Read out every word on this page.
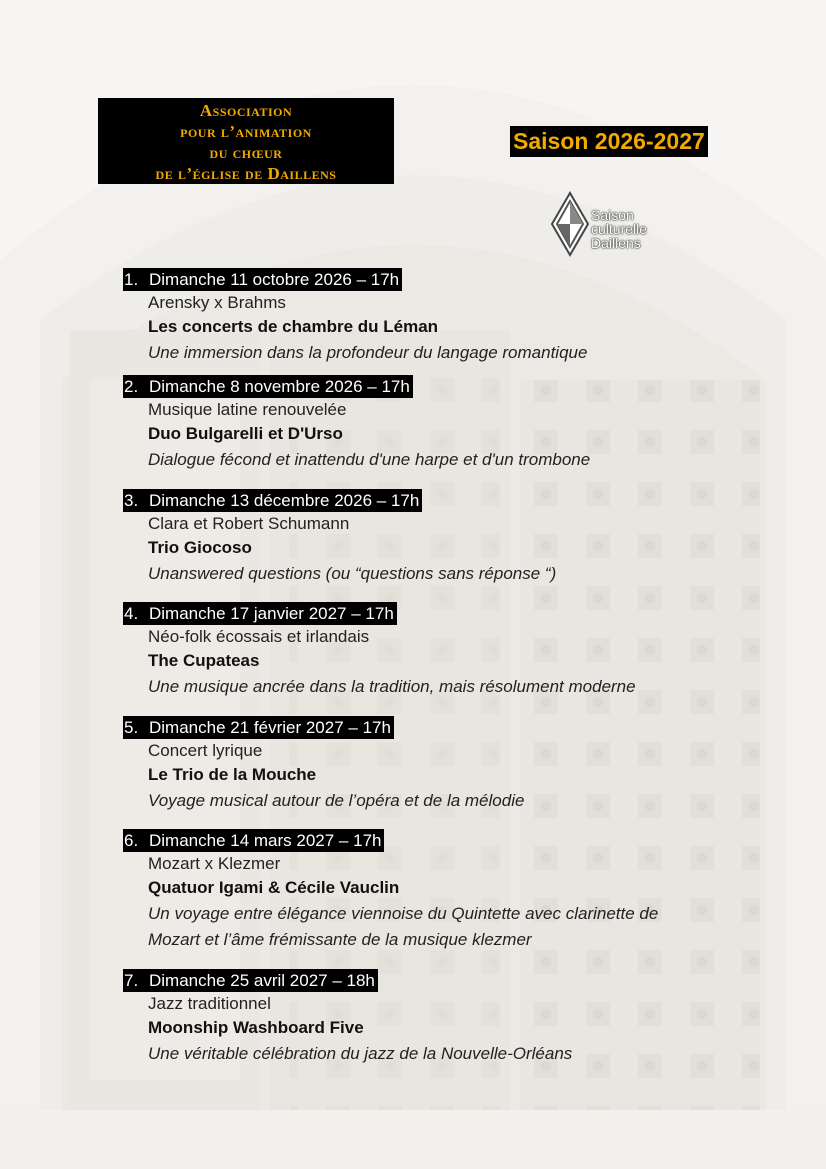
Association
pour l’animation
du chœur
de l’église de Daillens
Saison 2026-2027
Saison
culturelle
Daillens
1. Dimanche 11 octobre 2026 – 17h
Arensky x Brahms
Les concerts de chambre du Léman
Une immersion dans la profondeur du langage romantique
2. Dimanche 8 novembre 2026 – 17h
Musique latine renouvelée
Duo Bulgarelli et D'Urso
Dialogue fécond et inattendu d'une harpe et d'un trombone
3. Dimanche 13 décembre 2026 – 17h
Clara et Robert Schumann
Trio Giocoso
Unanswered questions (ou “questions sans réponse “)
4. Dimanche 17 janvier 2027 – 17h
Néo-folk écossais et irlandais
The Cupateas
Une musique ancrée dans la tradition, mais résolument moderne
5. Dimanche 21 février 2027 – 17h
Concert lyrique
Le Trio de la Mouche
Voyage musical autour de l’opéra et de la mélodie
6. Dimanche 14 mars 2027 – 17h
Mozart x Klezmer
Quatuor Igami & Cécile Vauclin
Un voyage entre élégance viennoise du Quintette avec clarinette de
Mozart et l’âme frémissante de la musique klezmer
7. Dimanche 25 avril 2027 – 18h
Jazz traditionnel
Moonship Washboard Five
Une véritable célébration du jazz de la Nouvelle-Orléans
